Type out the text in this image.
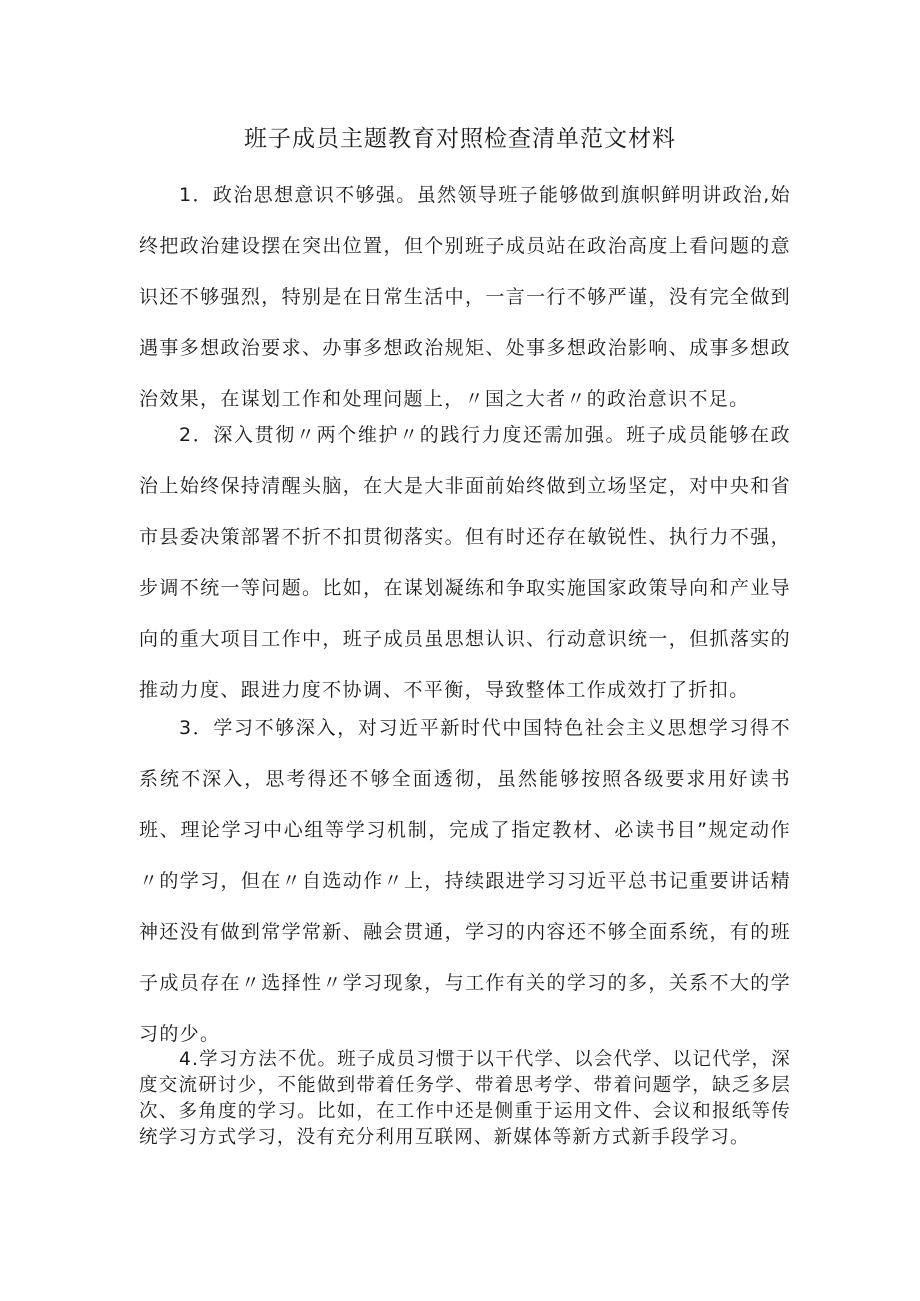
班子成员主题教育对照检查清单范文材料

1．政治思想意识不够强。虽然领导班子能够做到旗帜鲜明讲政治,始终把政治建设摆在突出位置，但个别班子成员站在政治高度上看问题的意识还不够强烈，特别是在日常生活中，一言一行不够严谨，没有完全做到遇事多想政治要求、办事多想政治规矩、处事多想政治影响、成事多想政治效果，在谋划工作和处理问题上，〃国之大者〃的政治意识不足。

2．深入贯彻〃两个维护〃的践行力度还需加强。班子成员能够在政治上始终保持清醒头脑，在大是大非面前始终做到立场坚定，对中央和省市县委决策部署不折不扣贯彻落实。但有时还存在敏锐性、执行力不强，步调不统一等问题。比如，在谋划凝练和争取实施国家政策导向和产业导向的重大项目工作中，班子成员虽思想认识、行动意识统一，但抓落实的推动力度、跟进力度不协调、不平衡，导致整体工作成效打了折扣。

3．学习不够深入，对习近平新时代中国特色社会主义思想学习得不系统不深入，思考得还不够全面透彻，虽然能够按照各级要求用好读书班、理论学习中心组等学习机制，完成了指定教材、必读书目”规定动作〃的学习，但在〃自选动作〃上，持续跟进学习习近平总书记重要讲话精神还没有做到常学常新、融会贯通，学习的内容还不够全面系统，有的班子成员存在〃选择性〃学习现象，与工作有关的学习的多，关系不大的学习的少。

4.学习方法不优。班子成员习惯于以干代学、以会代学、以记代学，深度交流研讨少，不能做到带着任务学、带着思考学、带着问题学，缺乏多层次、多角度的学习。比如，在工作中还是侧重于运用文件、会议和报纸等传统学习方式学习，没有充分利用互联网、新媒体等新方式新手段学习。
